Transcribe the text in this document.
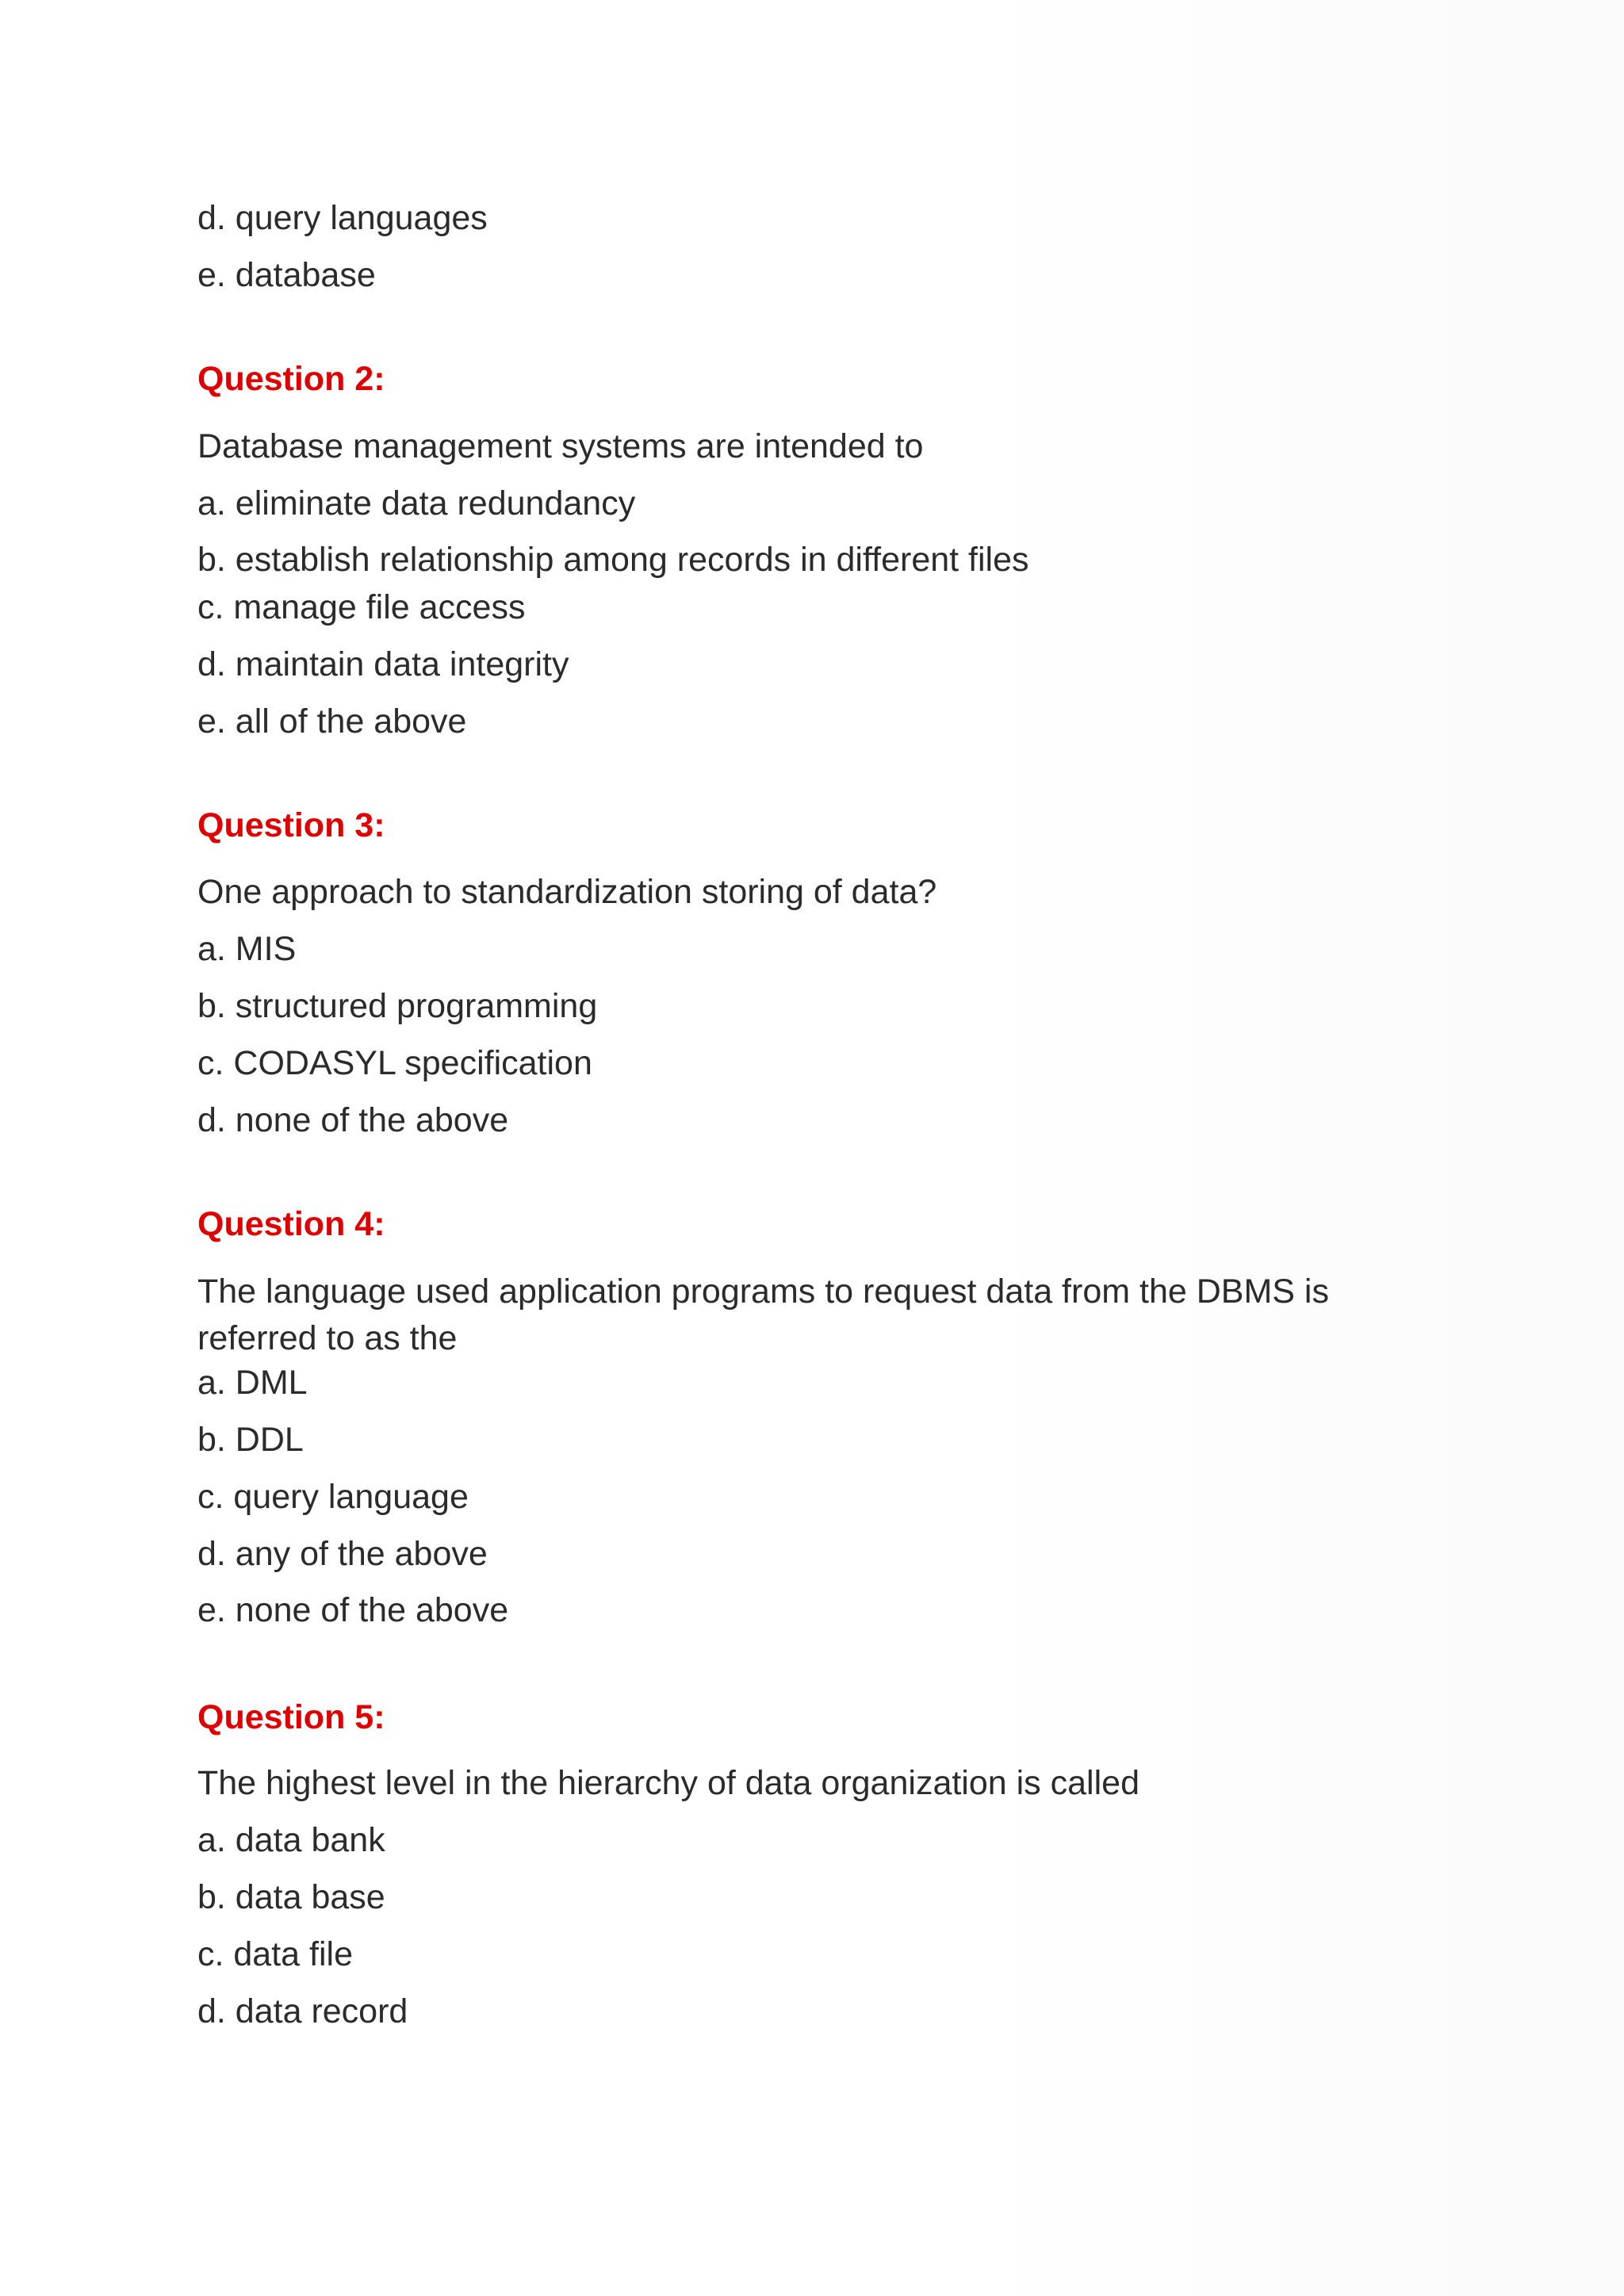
d. query languages
e. database
Question 2:
Database management systems are intended to
a. eliminate data redundancy
b. establish relationship among records in different files
c. manage file access
d. maintain data integrity
e. all of the above
Question 3:
One approach to standardization storing of data?
a. MIS
b. structured programming
c. CODASYL specification
d. none of the above
Question 4:
The language used application programs to request data from the DBMS is
referred to as the
a. DML
b. DDL
c. query language
d. any of the above
e. none of the above
Question 5:
The highest level in the hierarchy of data organization is called
a. data bank
b. data base
c. data file
d. data record
